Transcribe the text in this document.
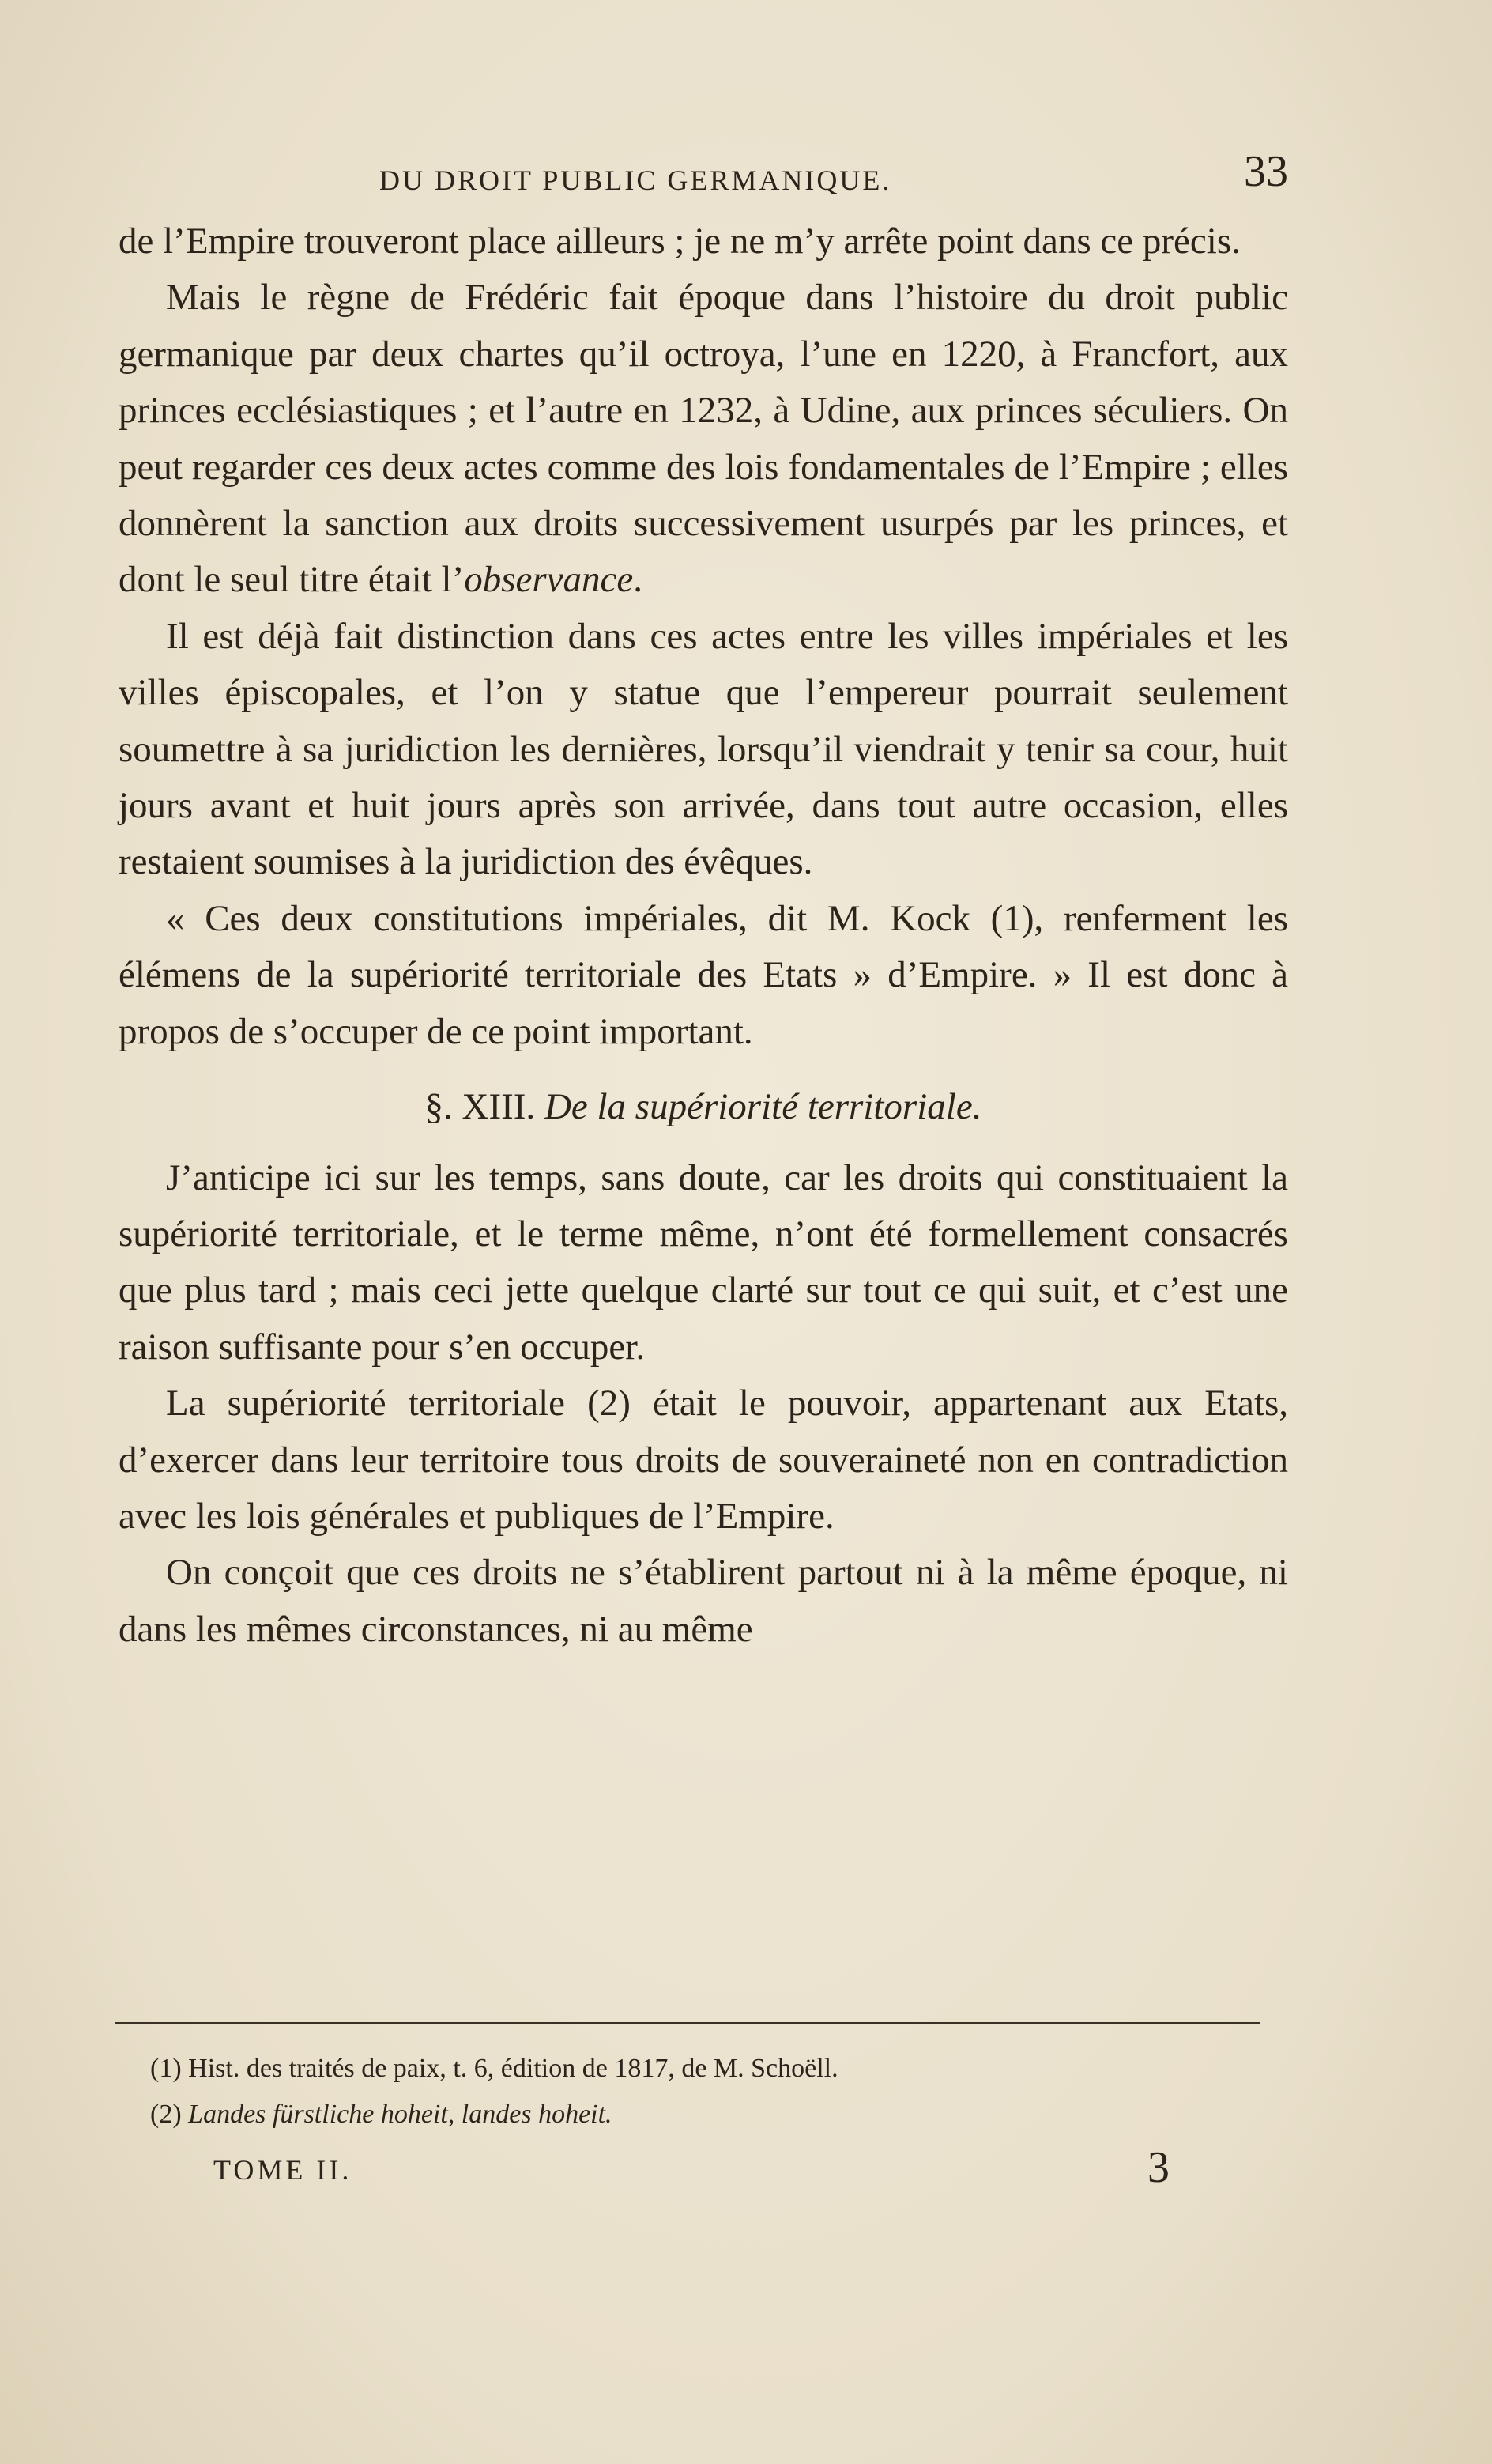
DU DROIT PUBLIC GERMANIQUE.	33

de l’Empire trouveront place ailleurs ; je ne m’y arrête point dans ce précis.

Mais le règne de Frédéric fait époque dans l’histoire du droit public germanique par deux chartes qu’il octroya, l’une en 1220, à Francfort, aux princes ecclésiastiques ; et l’autre en 1232, à Udine, aux princes séculiers. On peut regarder ces deux actes comme des lois fondamentales de l’Empire ; elles donnèrent la sanction aux droits successivement usurpés par les princes, et dont le seul titre était l’observance.

Il est déjà fait distinction dans ces actes entre les villes impériales et les villes épiscopales, et l’on y statue que l’empereur pourrait seulement soumettre à sa juridiction les dernières, lorsqu’il viendrait y tenir sa cour, huit jours avant et huit jours après son arrivée, dans tout autre occasion, elles restaient soumises à la juridiction des évêques.

« Ces deux constitutions impériales, dit M. Kock (1), renferment les élémens de la supériorité territoriale des Etats » d’Empire. » Il est donc à propos de s’occuper de ce point important.

§. XIII. De la supériorité territoriale.

J’anticipe ici sur les temps, sans doute, car les droits qui constituaient la supériorité territoriale, et le terme même, n’ont été formellement consacrés que plus tard ; mais ceci jette quelque clarté sur tout ce qui suit, et c’est une raison suffisante pour s’en occuper.

La supériorité territoriale (2) était le pouvoir, appartenant aux Etats, d’exercer dans leur territoire tous droits de souveraineté non en contradiction avec les lois générales et publiques de l’Empire.

On conçoit que ces droits ne s’établirent partout ni à la même époque, ni dans les mêmes circonstances, ni au même

(1) Hist. des traités de paix, t. 6, édition de 1817, de M. Schoëll.
(2) Landes fürstliche hoheit, landes hoheit.
TOME II.	3
